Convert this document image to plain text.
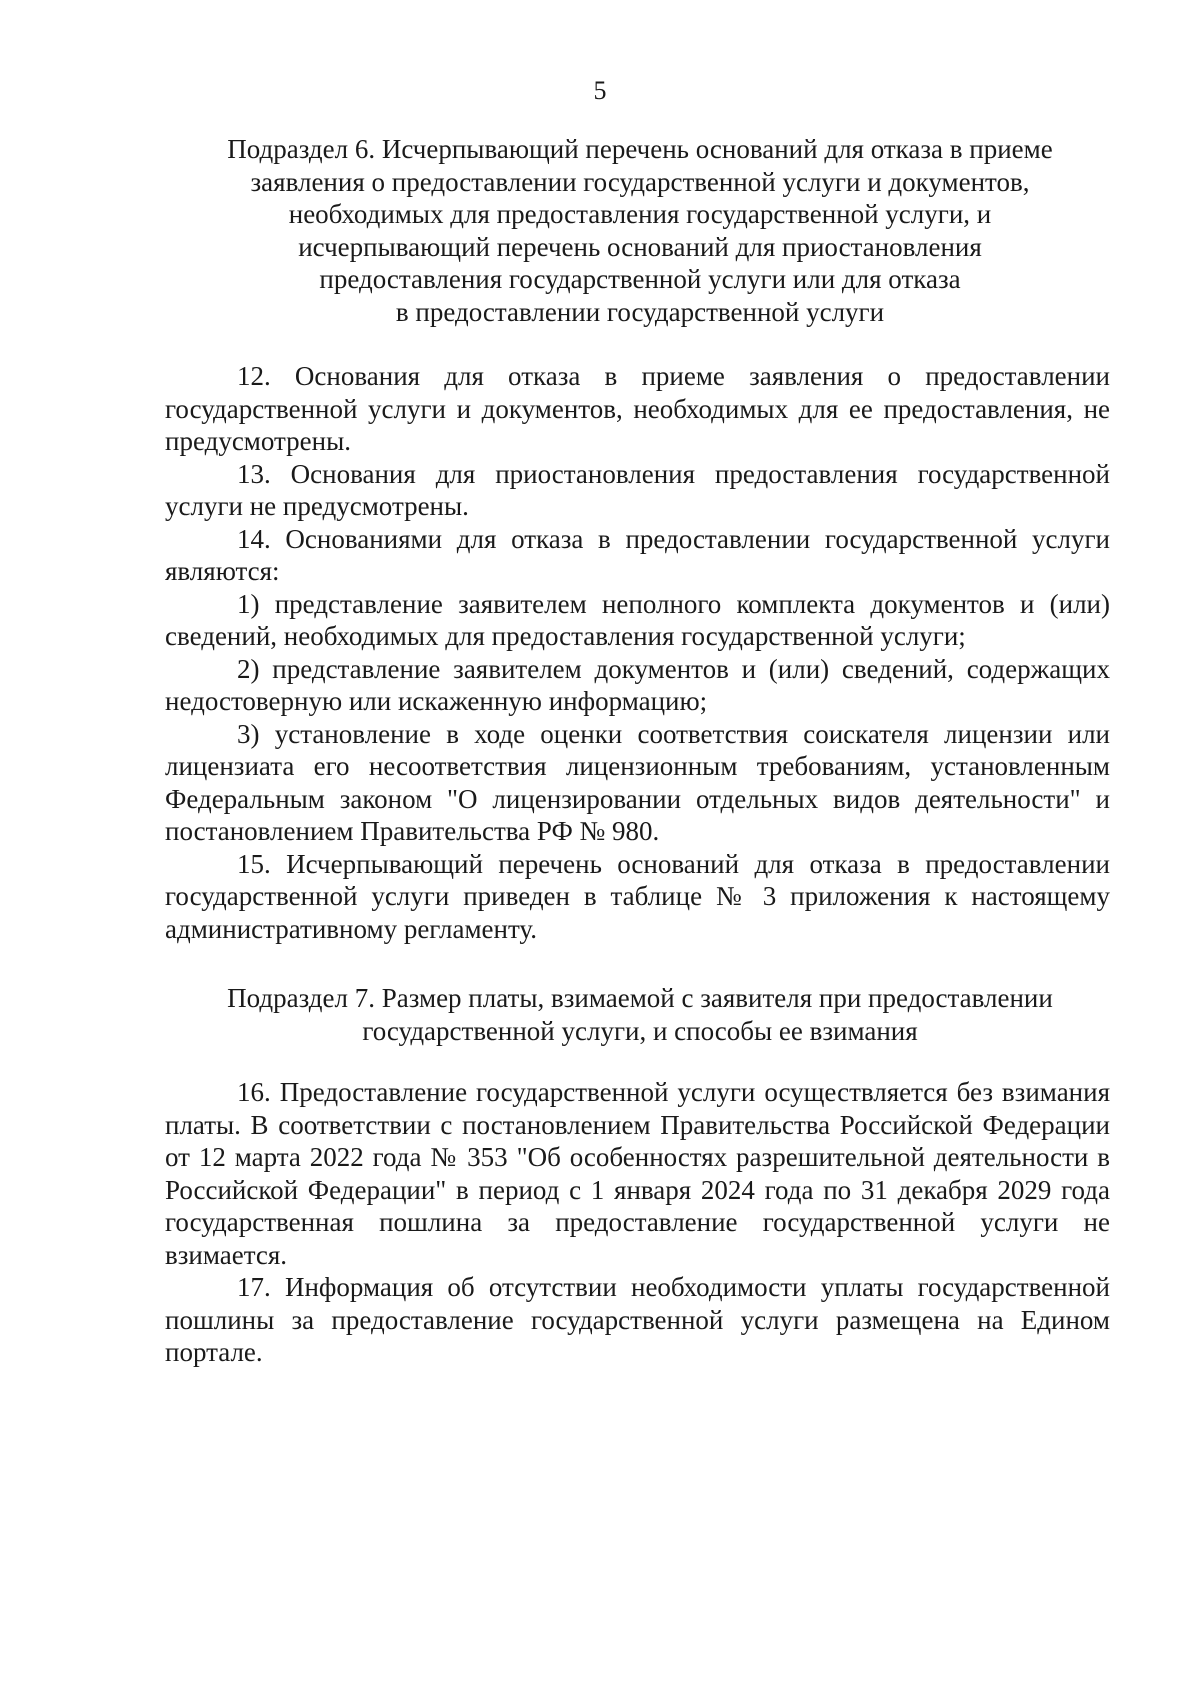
5
Подраздел 6. Исчерпывающий перечень оснований для отказа в приеме
заявления о предоставлении государственной услуги и документов,
необходимых для предоставления государственной услуги, и
исчерпывающий перечень оснований для приостановления
предоставления государственной услуги или для отказа
в предоставлении государственной услуги

12. Основания для отказа в приеме заявления о предоставлении государственной услуги и документов, необходимых для ее предоставления, не предусмотрены.

13. Основания для приостановления предоставления государственной услуги не предусмотрены.

14. Основаниями для отказа в предоставлении государственной услуги являются:

1) представление заявителем неполного комплекта документов и (или) сведений, необходимых для предоставления государственной услуги;

2) представление заявителем документов и (или) сведений, содержащих недостоверную или искаженную информацию;

3) установление в ходе оценки соответствия соискателя лицензии или лицензиата его несоответствия лицензионным требованиям, установленным Федеральным законом "О лицензировании отдельных видов деятельности" и постановлением Правительства РФ № 980.

15. Исчерпывающий перечень оснований для отказа в предоставлении государственной услуги приведен в таблице № 3 приложения к настоящему административному регламенту.

Подраздел 7. Размер платы, взимаемой с заявителя при предоставлении
государственной услуги, и способы ее взимания

16. Предоставление государственной услуги осуществляется без взимания платы. В соответствии с постановлением Правительства Российской Федерации от 12 марта 2022 года № 353 "Об особенностях разрешительной деятельности в Российской Федерации" в период с 1 января 2024 года по 31 декабря 2029 года государственная пошлина за предоставление государственной услуги не взимается.

17. Информация об отсутствии необходимости уплаты государственной пошлины за предоставление государственной услуги размещена на Едином портале.
